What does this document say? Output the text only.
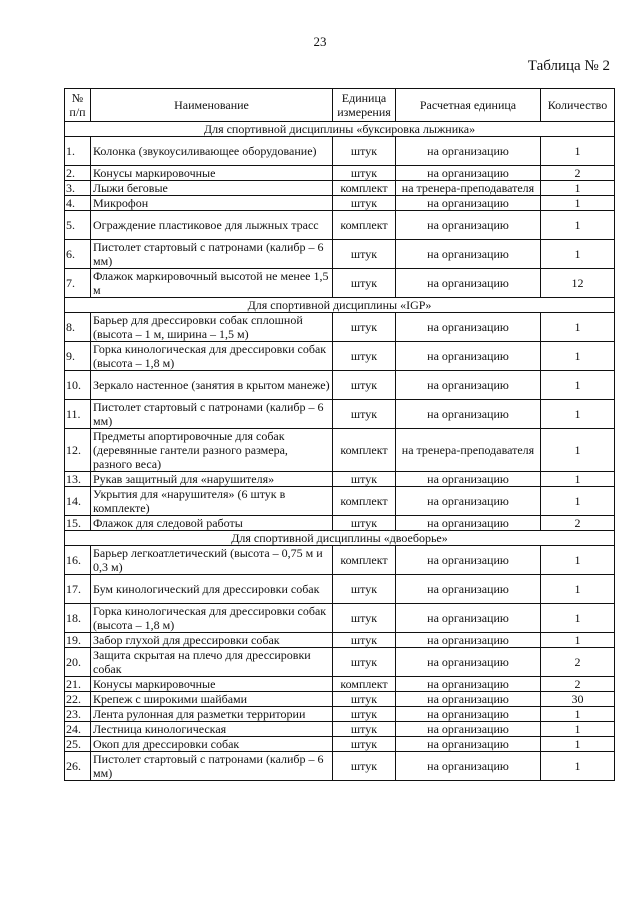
23
Таблица № 2
№ п/п	Наименование	Единица измерения	Расчетная единица	Количество
Для спортивной дисциплины «буксировка лыжника»				
1.	Колонка (звукоусиливающее оборудование)	штук	на организацию	1
2.	Конусы маркировочные	штук	на организацию	2
3.	Лыжи беговые	комплект	на тренера-преподавателя	1
4.	Микрофон	штук	на организацию	1
5.	Ограждение пластиковое для лыжных трасс	комплект	на организацию	1
6.	Пистолет стартовый с патронами (калибр – 6 мм)	штук	на организацию	1
7.	Флажок маркировочный высотой не менее 1,5 м	штук	на организацию	12
Для спортивной дисциплины «IGP»				
8.	Барьер для дрессировки собак сплошной (высота – 1 м, ширина – 1,5 м)	штук	на организацию	1
9.	Горка кинологическая для дрессировки собак (высота – 1,8 м)	штук	на организацию	1
10.	Зеркало настенное (занятия в крытом манеже)	штук	на организацию	1
11.	Пистолет стартовый с патронами (калибр – 6 мм)	штук	на организацию	1
12.	Предметы апортировочные для собак (деревянные гантели разного размера, разного веса)	комплект	на тренера-преподавателя	1
13.	Рукав защитный для «нарушителя»	штук	на организацию	1
14.	Укрытия для «нарушителя» (6 штук в комплекте)	комплект	на организацию	1
15.	Флажок для следовой работы	штук	на организацию	2
Для спортивной дисциплины «двоеборье»				
16.	Барьер легкоатлетический (высота – 0,75 м и 0,3 м)	комплект	на организацию	1
17.	Бум кинологический для дрессировки собак	штук	на организацию	1
18.	Горка кинологическая для дрессировки собак (высота – 1,8 м)	штук	на организацию	1
19.	Забор глухой для дрессировки собак	штук	на организацию	1
20.	Защита скрытая на плечо для дрессировки собак	штук	на организацию	2
21.	Конусы маркировочные	комплект	на организацию	2
22.	Крепеж с широкими шайбами	штук	на организацию	30
23.	Лента рулонная для разметки территории	штук	на организацию	1
24.	Лестница кинологическая	штук	на организацию	1
25.	Окоп для дрессировки собак	штук	на организацию	1
26.	Пистолет стартовый с патронами (калибр – 6 мм)	штук	на организацию	1
